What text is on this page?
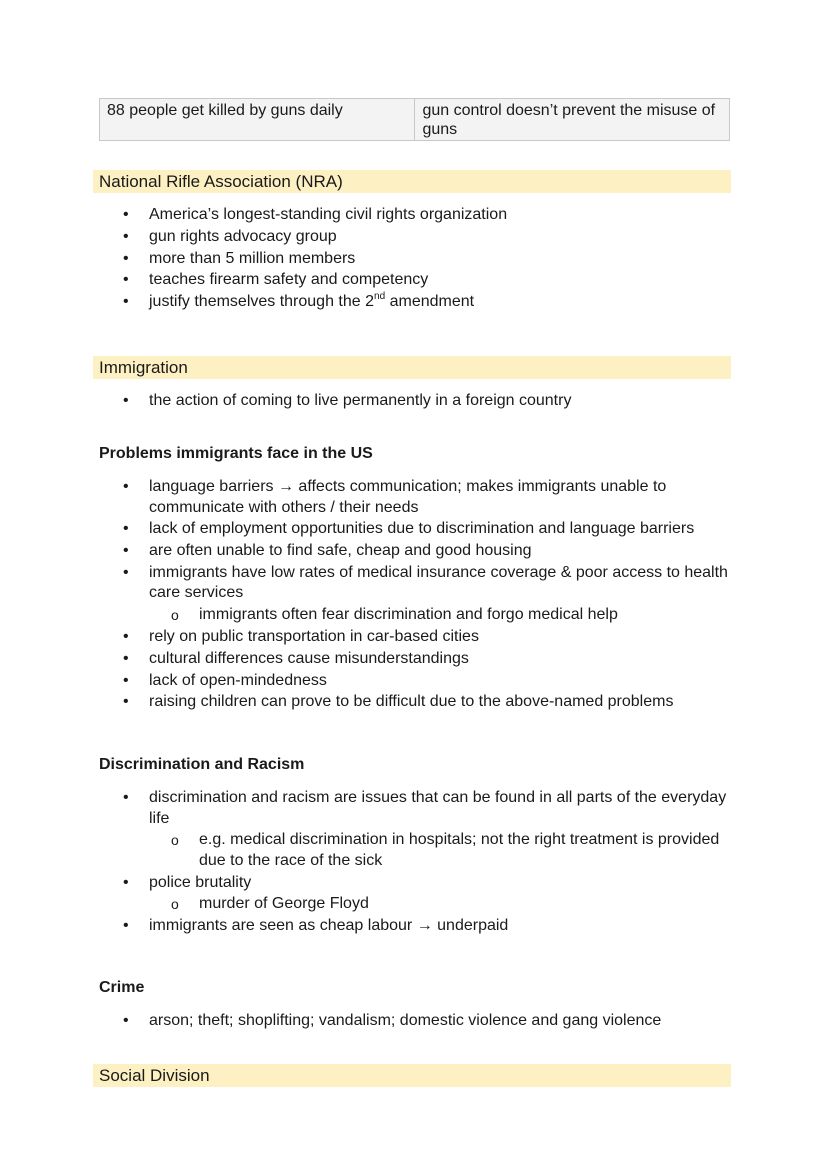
88 people get killed by guns daily	gun control doesn’t prevent the misuse of guns
National Rifle Association (NRA)
• America’s longest-standing civil rights organization
• gun rights advocacy group
• more than 5 million members
• teaches firearm safety and competency
• justify themselves through the 2nd amendment
Immigration
• the action of coming to live permanently in a foreign country
Problems immigrants face in the US
• language barriers → affects communication; makes immigrants unable to communicate with others / their needs
• lack of employment opportunities due to discrimination and language barriers
• are often unable to find safe, cheap and good housing
• immigrants have low rates of medical insurance coverage & poor access to health care services
o immigrants often fear discrimination and forgo medical help
• rely on public transportation in car-based cities
• cultural differences cause misunderstandings
• lack of open-mindedness
• raising children can prove to be difficult due to the above-named problems
Discrimination and Racism
• discrimination and racism are issues that can be found in all parts of the everyday life
o e.g. medical discrimination in hospitals; not the right treatment is provided due to the race of the sick
• police brutality
o murder of George Floyd
• immigrants are seen as cheap labour → underpaid
Crime
• arson; theft; shoplifting; vandalism; domestic violence and gang violence
Social Division
